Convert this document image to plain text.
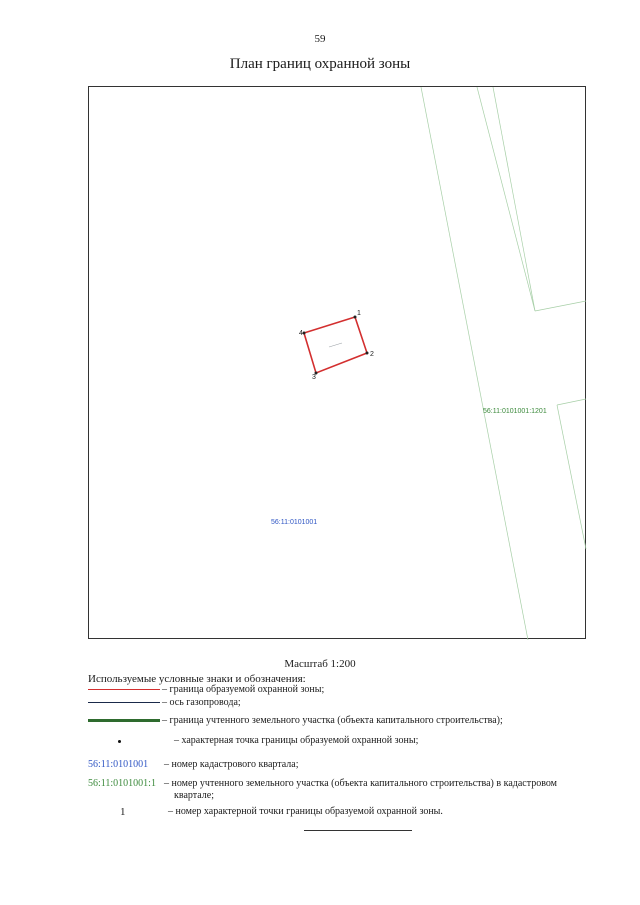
59
План границ охранной зоны
1
2
3
4
56:11:0101001:1201
56:11:0101001
Масштаб 1:200
Используемые условные знаки и обозначения:
– граница образуемой охранной зоны;
– ось газопровода;
– граница учтенного земельного участка (объекта капитального строительства);
– характерная точка границы образуемой охранной зоны;
56:11:0101001 – номер кадастрового квартала;
56:11:0101001:1 – номер учтенного земельного участка (объекта капитального строительства) в кадастровом
квартале;
1	– номер характерной точки границы образуемой охранной зоны.
